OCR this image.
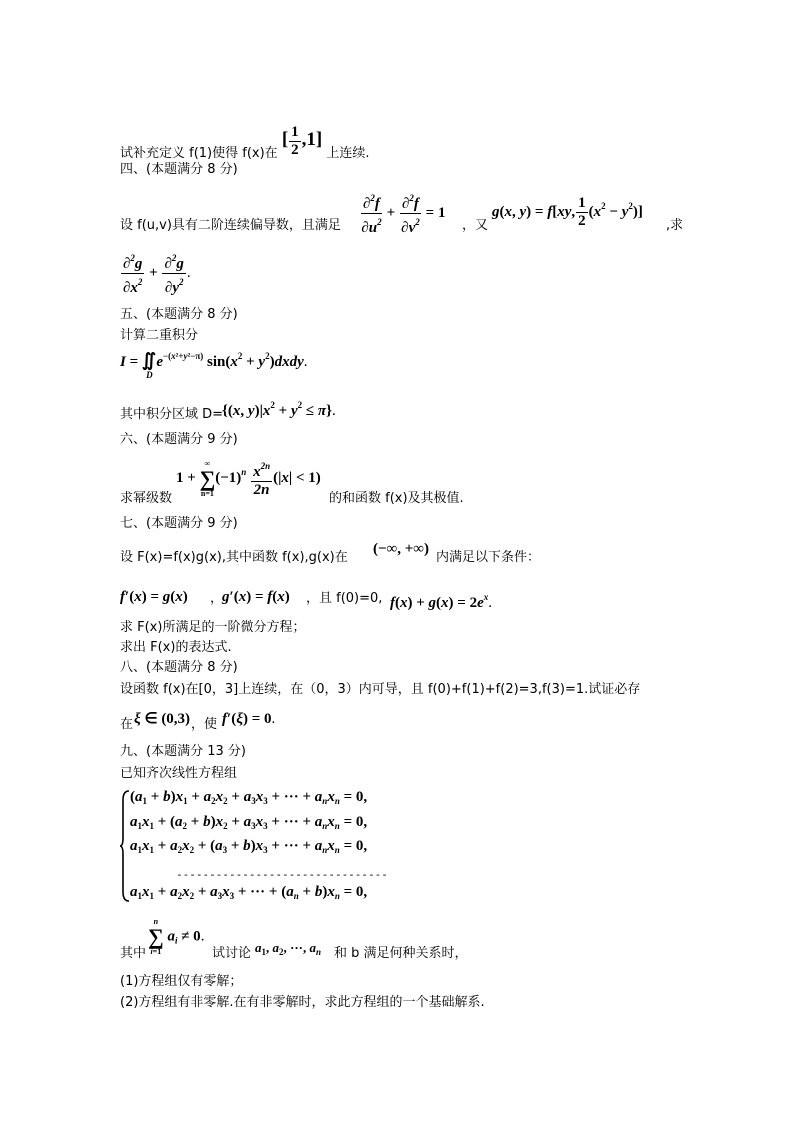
试补充定义 f(1)使得 f(x)在 [ $\frac{1}{2} ,1$] 上连续.
四、(本题满分 8 分)
设 f(u,v)具有二阶连续偏导数，且满足 $\frac{\partial^2f}{\partial u^2} + \frac{\partial^2f}{\partial v^2} = 1$
，又
g(x, y) = f[xy, $\frac{1}{2} (x^2 - y^2)$]
,求
$\frac{\partial^2g}{\partial x^2} + \frac{\partial^2g}{\partial y^2}$ .
五、(本题满分 8 分)
计算二重积分
$I = ∬_D$ $e^{-(x^2+y^2-\pi)}$ $\sin(x^2$ + $y^2)dxdy$.
其中积分区域 D=
{(x, $y)|x^2 + y^2 \le \pi$}.
六、(本题满分 9 分)
求幂级数
1 +
∞
∑
n=1
$(-1)^n \frac{x^{2n}}{2n} (|x| < 1)$
的和函数 f(x)及其极值.
七、(本题满分 9 分)
设 F(x)=f(x)g(x),其中函数 f(x),g(x)在
(−∞, +∞)
内满足以下条件：
f′(x) = g(x) ，
g′(x) = f(x) ，且 f(0)=0, $f(x) + g(x) = 2e^x$.
求 F(x)所满足的一阶微分方程；
求出 F(x)的表达式.
八、(本题满分 8 分)
设函数 f(x)在[0，3]上连续，在（0，3）内可导，且 f(0)+f(1)+f(2)=3,f(3)=1.试证必存
在 ξ ∈ (0,3) ，使 f′(ξ) = 0.
九、(本题满分 13 分)
已知齐次线性方程组
$(a_1 + b)x_1 + a_2x_2 + a_3x_3$ + ··· + $a_nx_n = 0$,
$a_1x_1 + (a_2 + b)x_2 + a_3x_3$ + ··· + $a_nx_n = 0$,
$a_1x_1 + a_2x_2 + (a_3 + b)x_3$ + ··· + $a_nx_n = 0$,
--------------------------------
$a_1x_1 + a_2x_2 + a_3x_3$ + ··· + $(a_n + b)x_n = 0$,
其中
n
∑
i=1
$a_i \ne 0$.
试讨论 $a_1$, $a_2$, ···, $a_n$ 和 b 满足何种关系时，
(1)方程组仅有零解；
(2)方程组有非零解.在有非零解时，求此方程组的一个基础解系.
